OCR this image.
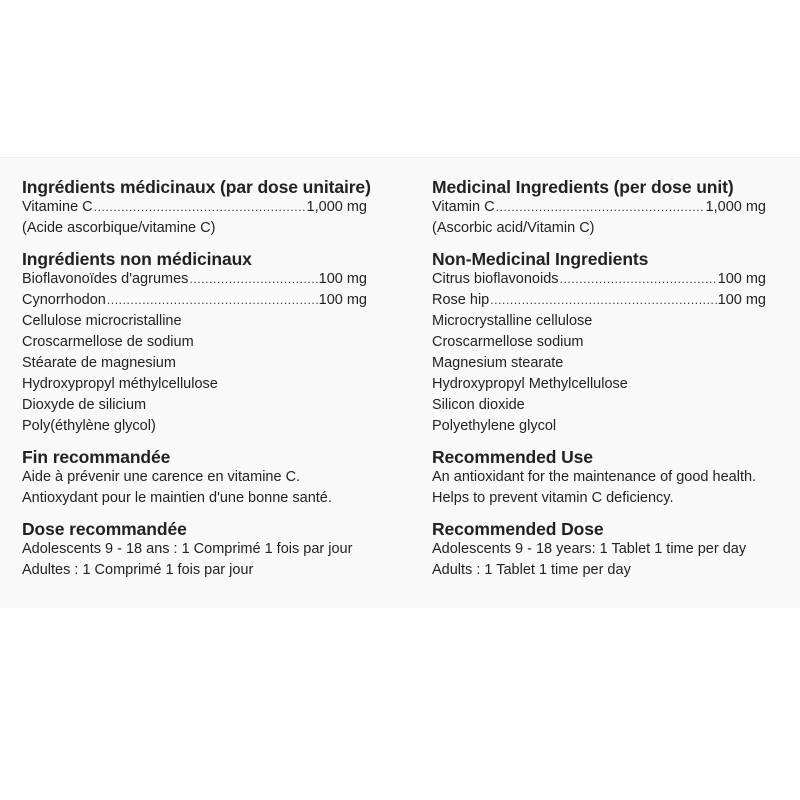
Ingrédients médicinaux (par dose unitaire)
Vitamine C .....	1,000 mg
(Acide ascorbique/vitamine C)
Ingrédients non médicinaux
Bioflavonoïdes d'agrumes .....	100 mg
Cynorrhodon .....	100 mg
Cellulose microcristalline
Croscarmellose de sodium
Stéarate de magnesium
Hydroxypropyl méthylcellulose
Dioxyde de silicium
Poly(éthylène glycol)
Fin recommandée
Aide à prévenir une carence en vitamine C.
Antioxydant pour le maintien d'une bonne santé.
Dose recommandée
Adolescents 9 - 18 ans : 1 Comprimé 1 fois par jour
Adultes : 1 Comprimé 1 fois par jour
Medicinal Ingredients (per dose unit)
Vitamin C .....	1,000 mg
(Ascorbic acid/Vitamin C)
Non-Medicinal Ingredients
Citrus bioflavonoids .....	100 mg
Rose hip .....	100 mg
Microcrystalline cellulose
Croscarmellose sodium
Magnesium stearate
Hydroxypropyl Methylcellulose
Silicon dioxide
Polyethylene glycol
Recommended Use
An antioxidant for the maintenance of good health.
Helps to prevent vitamin C deficiency.
Recommended Dose
Adolescents 9 - 18 years: 1 Tablet 1 time per day
Adults : 1 Tablet 1 time per day
